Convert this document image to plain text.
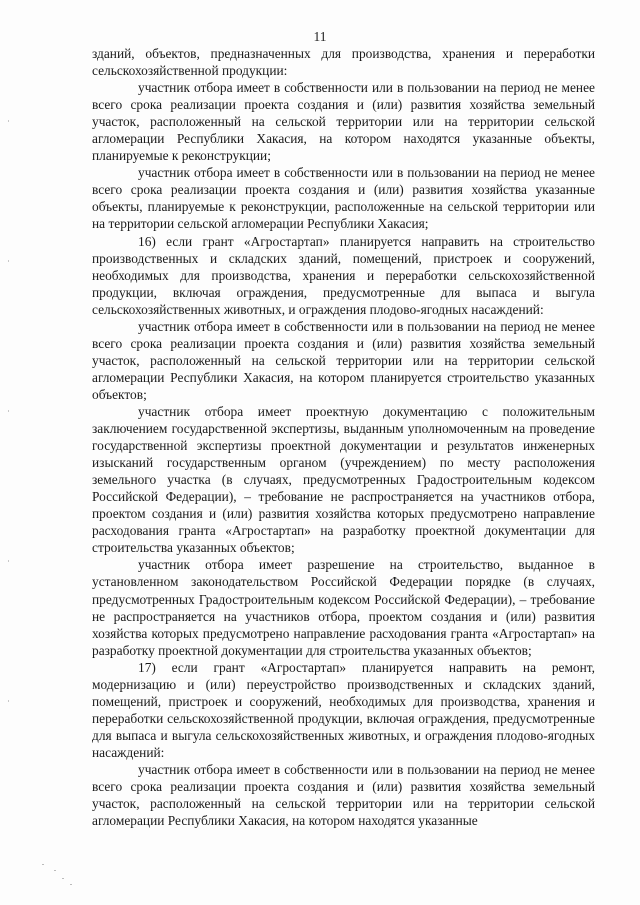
11

зданий, объектов, предназначенных для производства, хранения и переработки сельскохозяйственной продукции:

участник отбора имеет в собственности или в пользовании на период не менее всего срока реализации проекта создания и (или) развития хозяйства земельный участок, расположенный на сельской территории или на территории сельской агломерации Республики Хакасия, на котором находятся указанные объекты, планируемые к реконструкции;

участник отбора имеет в собственности или в пользовании на период не менее всего срока реализации проекта создания и (или) развития хозяйства указанные объекты, планируемые к реконструкции, расположенные на сельской территории или на территории сельской агломерации Республики Хакасия;

16) если грант «Агростартап» планируется направить на строительство производственных и складских зданий, помещений, пристроек и сооружений, необходимых для производства, хранения и переработки сельскохозяйственной продукции, включая ограждения, предусмотренные для выпаса и выгула сельскохозяйственных животных, и ограждения плодово-ягодных насаждений:

участник отбора имеет в собственности или в пользовании на период не менее всего срока реализации проекта создания и (или) развития хозяйства земельный участок, расположенный на сельской территории или на территории сельской агломерации Республики Хакасия, на котором планируется строительство указанных объектов;

участник отбора имеет проектную документацию с положительным заключением государственной экспертизы, выданным уполномоченным на проведение государственной экспертизы проектной документации и результатов инженерных изысканий государственным органом (учреждением) по месту расположения земельного участка (в случаях, предусмотренных Градостроительным кодексом Российской Федерации), – требование не распространяется на участников отбора, проектом создания и (или) развития хозяйства которых предусмотрено направление расходования гранта «Агростартап» на разработку проектной документации для строительства указанных объектов;

участник отбора имеет разрешение на строительство, выданное в установленном законодательством Российской Федерации порядке (в случаях, предусмотренных Градостроительным кодексом Российской Федерации), – требование не распространяется на участников отбора, проектом создания и (или) развития хозяйства которых предусмотрено направление расходования гранта «Агростартап» на разработку проектной документации для строительства указанных объектов;

17) если грант «Агростартап» планируется направить на ремонт, модернизацию и (или) переустройство производственных и складских зданий, помещений, пристроек и сооружений, необходимых для производства, хранения и переработки сельскохозяйственной продукции, включая ограждения, предусмотренные для выпаса и выгула сельскохозяйственных животных, и ограждения плодово-ягодных насаждений:

участник отбора имеет в собственности или в пользовании на период не менее всего срока реализации проекта создания и (или) развития хозяйства земельный участок, расположенный на сельской территории или на территории сельской агломерации Республики Хакасия, на котором находятся указанные
